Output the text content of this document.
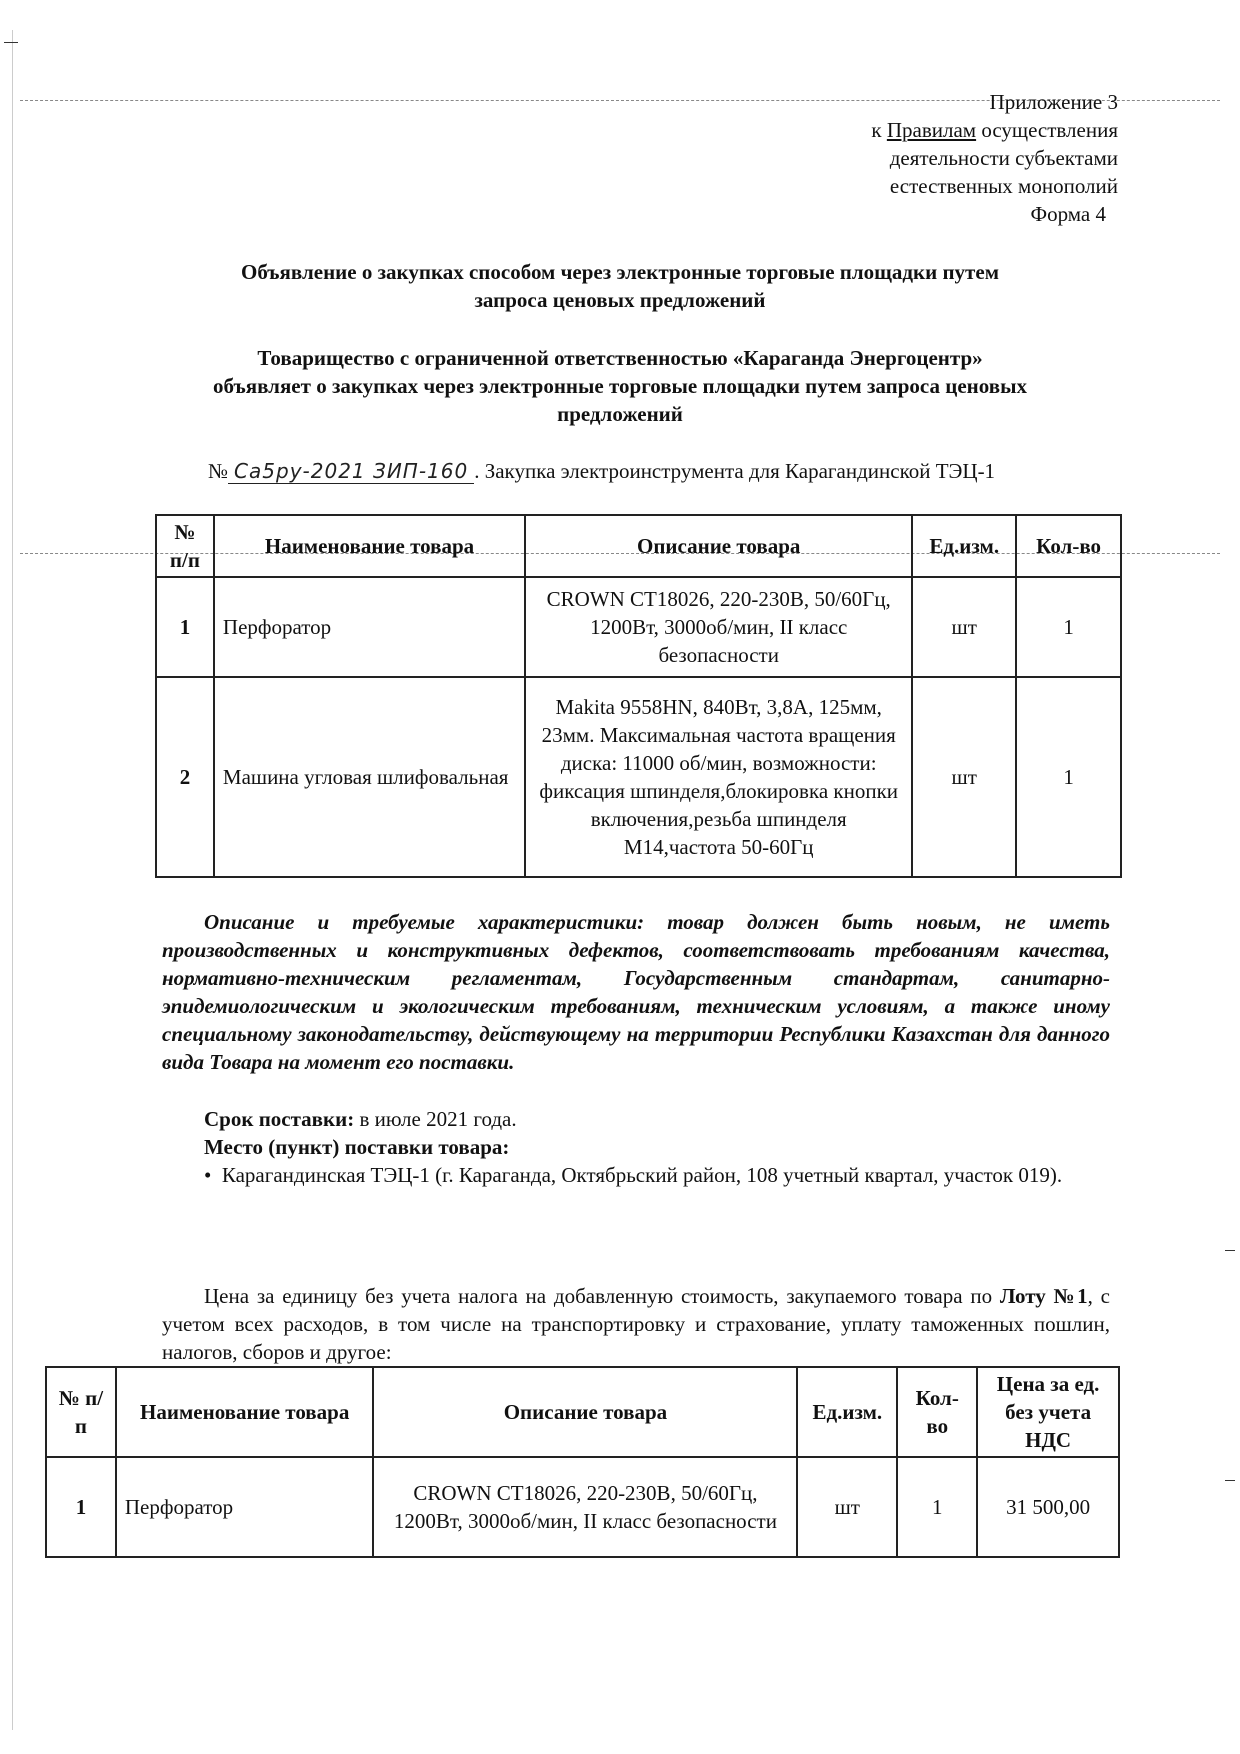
Приложение 3
к Правилам осуществления
деятельности субъектами
естественных монополий
Форма 4
Объявление о закупках способом через электронные торговые площадки путем
запроса ценовых предложений
Товарищество с ограниченной ответственностью «Караганда Энергоцентр»
объявляет о закупках через электронные торговые площадки путем запроса ценовых
предложений
№ Са5ру-2021 ЗИП-160 . Закупка электроинструмента для Карагандинской ТЭЦ-1
№ п/п	Наименование товара	Описание товара	Ед.изм.	Кол-во
1	Перфоратор	CROWN CT18026, 220-230В, 50/60Гц, 1200Вт, 3000об/мин, II класс безопасности	шт	1
2	Машина угловая шлифовальная	Makita 9558HN, 840Вт, 3,8А, 125мм, 23мм. Максимальная частота вращения диска: 11000 об/мин, возможности: фиксация шпинделя,блокировка кнопки включения,резьба шпинделя М14,частота 50-60Гц	шт	1

Описание и требуемые характеристики: товар должен быть новым, не иметь производственных и конструктивных дефектов, соответствовать требованиям качества, нормативно-техническим регламентам, Государственным стандартам, санитарно-эпидемиологическим и экологическим требованиям, техническим условиям, а также иному специальному законодательству, действующему на территории Республики Казахстан для данного вида Товара на момент его поставки.

Срок поставки: в июле 2021 года.
Место (пункт) поставки товара:
•  Карагандинская ТЭЦ-1 (г. Караганда, Октябрьский район, 108 учетный квартал, участок 019).

Цена за единицу без учета налога на добавленную стоимость, закупаемого товара по Лоту №1, с учетом всех расходов, в том числе на транспортировку и страхование, уплату таможенных пошлин, налогов, сборов и другое:

№ п/п	Наименование товара	Описание товара	Ед.изм.	Кол-во	Цена за ед. без учета НДС
1	Перфоратор	CROWN CT18026, 220-230В, 50/60Гц, 1200Вт, 3000об/мин, II класс безопасности	шт	1	31 500,00
